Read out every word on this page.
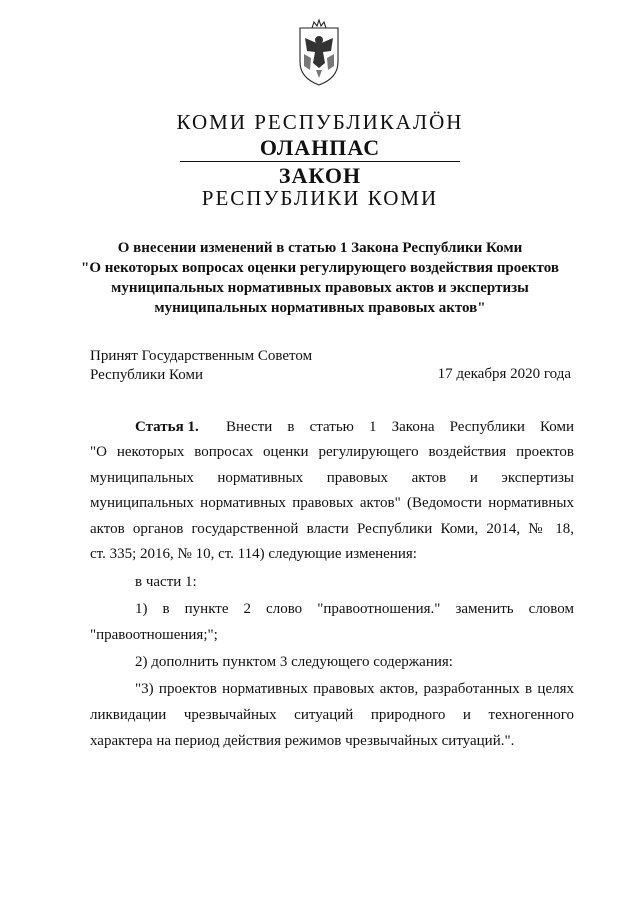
КОМИ РЕСПУБЛИКАЛӦН
ОЛАНПАС
ЗАКОН
РЕСПУБЛИКИ КОМИ
О внесении изменений в статью 1 Закона Республики Коми
"О некоторых вопросах оценки регулирующего воздействия проектов
муниципальных нормативных правовых актов и экспертизы
муниципальных нормативных правовых актов"
Принят Государственным Советом
Республики Коми	17 декабря 2020 года
Статья 1. Внести в статью 1 Закона Республики Коми
"О некоторых вопросах оценки регулирующего воздействия проектов
муниципальных нормативных правовых актов и экспертизы
муниципальных нормативных правовых актов" (Ведомости нормативных
актов органов государственной власти Республики Коми, 2014, № 18,
ст. 335; 2016, № 10, ст. 114) следующие изменения:
в части 1:
1) в пункте 2 слово "правоотношения." заменить словом
"правоотношения;";
2) дополнить пунктом 3 следующего содержания:
"3) проектов нормативных правовых актов, разработанных в целях
ликвидации чрезвычайных ситуаций природного и техногенного
характера на период действия режимов чрезвычайных ситуаций.".
